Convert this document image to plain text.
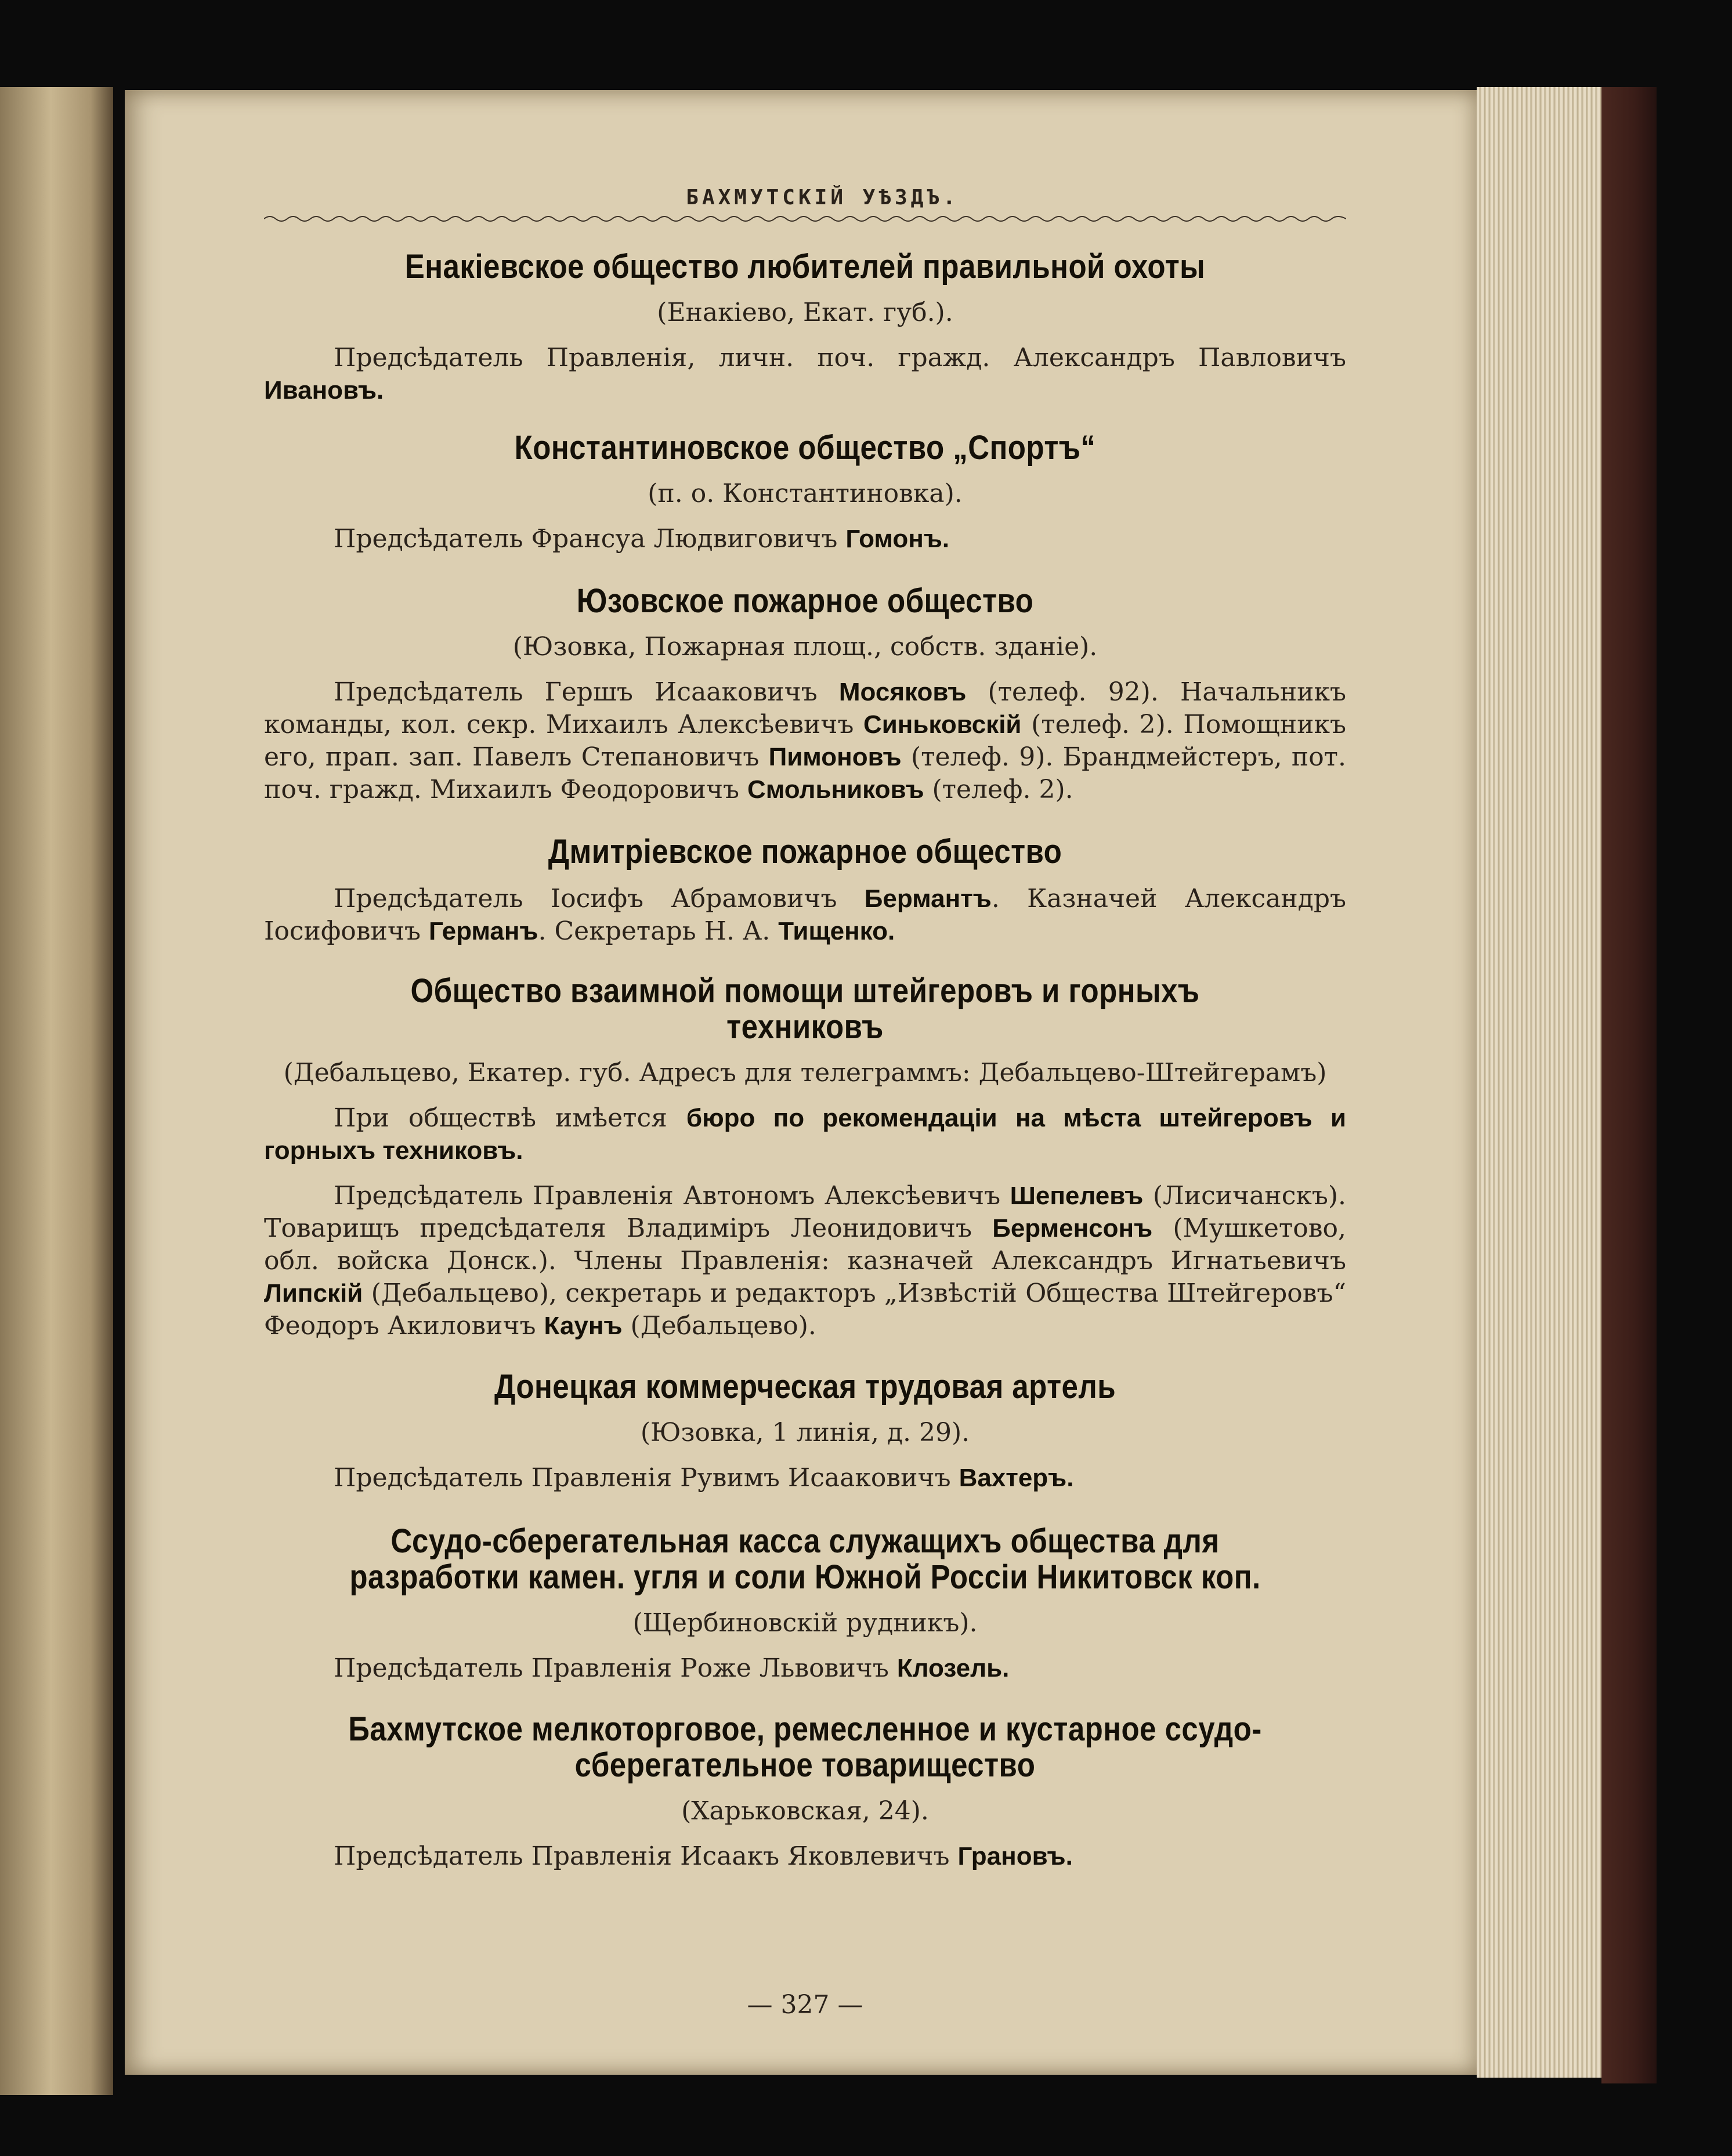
БАХМУТСКІЙ УѢЗДЪ.
Енакіевское общество любителей правильной охоты
(Енакіево, Екат. губ.).
Предсѣдатель Правленія, личн. поч. гражд. Александръ Павловичъ Ивановъ.
Константиновское общество „Спортъ“
(п. о. Константиновка).
Предсѣдатель Франсуа Людвиговичъ Гомонъ.
Юзовское пожарное общество
(Юзовка, Пожарная площ., собств. зданіе).
Предсѣдатель Гершъ Исааковичъ Мосяковъ (телеф. 92). Начальникъ команды, кол. секр. Михаилъ Алексѣевичъ Синьковскій (телеф. 2). Помощникъ его, прап. зап. Павелъ Степановичъ Пимоновъ (телеф. 9). Брандмейстеръ, пот. поч. гражд. Михаилъ Феодоровичъ Смольниковъ (телеф. 2).
Дмитріевское пожарное общество
Предсѣдатель Іосифъ Абрамовичъ Бермантъ. Казначей Александръ Іосифовичъ Германъ. Секретарь Н. А. Тищенко.
Общество взаимной помощи штейгеровъ и горныхъ техниковъ
(Дебальцево, Екатер. губ. Адресъ для телеграммъ: Дебальцево-Штейгерамъ)
При обществѣ имѣется бюро по рекомендаціи на мѣста штейгеровъ и горныхъ техниковъ.
Предсѣдатель Правленія Автономъ Алексѣевичъ Шепелевъ (Лисичанскъ). Товарищъ предсѣдателя Владиміръ Леонидовичъ Берменсонъ (Мушкетово, обл. войска Донск.). Члены Правленія: казначей Александръ Игнатьевичъ Липскій (Дебальцево), секретарь и редакторъ „Извѣстій Общества Штейгеровъ“ Феодоръ Акиловичъ Каунъ (Дебальцево).
Донецкая коммерческая трудовая артель
(Юзовка, 1 линія, д. 29).
Предсѣдатель Правленія Рувимъ Исааковичъ Вахтеръ.
Ссудо-сберегательная касса служащихъ общества для разработки камен. угля и соли Южной Россіи Никитовск коп.
(Щербиновскій рудникъ).
Предсѣдатель Правленія Роже Львовичъ Клозель.
Бахмутское мелкоторговое, ремесленное и кустарное ссудо-сберегательное товарищество
(Харьковская, 24).
Предсѣдатель Правленія Исаакъ Яковлевичъ Грановъ.
— 327 —
